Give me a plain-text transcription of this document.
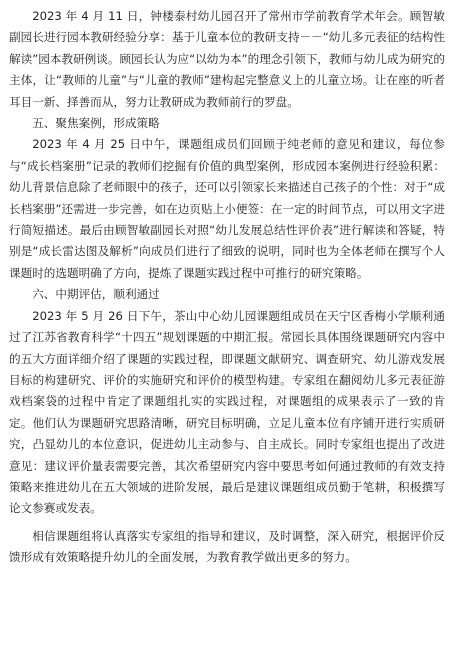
2023 年 4 月 11 日，钟楼泰村幼儿园召开了常州市学前教育学术年会。顾智敏副园长进行园本教研经验分享：基于儿童本位的教研支持－－“幼儿多元表征的结构性解读”园本教研例谈。顾园长认为应“以幼为本”的理念引领下，教师与幼儿成为研究的主体，让“教师的儿童”与“儿童的教师”建构起完整意义上的儿童立场。让在座的听者耳目一新、择善而从，努力让教研成为教师前行的罗盘。

五、聚焦案例，形成策略

2023 年 4 月 25 日中午，课题组成员们回顾于纯老师的意见和建议，每位参与“成长档案册”记录的教师们挖掘有价值的典型案例，形成园本案例进行经验积累：幼儿背景信息除了老师眼中的孩子，还可以引领家长来描述自己孩子的个性：对于“成长档案册”还需进一步完善，如在边页贴上小便签：在一定的时间节点，可以用文字进行简短描述。最后由顾智敏副园长对照“幼儿发展总结性评价表”进行解读和答疑，特别是“成长雷达图及解析”向成员们进行了细致的说明，同时也为全体老师在撰写个人课题时的选题明确了方向，提炼了课题实践过程中可推行的研究策略。

六、中期评估，顺利通过

2023 年 5 月 26 日下午，茶山中心幼儿园课题组成员在天宁区香梅小学顺利通过了江苏省教育科学“十四五”规划课题的中期汇报。常园长具体围绕课题研究内容中的五大方面详细介绍了课题的实践过程，即课题文献研究、调查研究、幼儿游戏发展目标的构建研究、评价的实施研究和评价的模型构建。专家组在翻阅幼儿多元表征游戏档案袋的过程中肯定了课题组扎实的实践过程，对课题组的成果表示了一致的肯定。他们认为课题研究思路清晰，研究目标明确，立足儿童本位有序铺开进行实质研究，凸显幼儿的本位意识，促进幼儿主动参与、自主成长。同时专家组也提出了改进意见：建议评价量表需要完善，其次希望研究内容中要思考如何通过教师的有效支持策略来推进幼儿在五大领域的进阶发展，最后是建议课题组成员勤于笔耕，积极撰写论文参赛或发表。

相信课题组将认真落实专家组的指导和建议，及时调整，深入研究，根据评价反馈形成有效策略提升幼儿的全面发展，为教育教学做出更多的努力。
